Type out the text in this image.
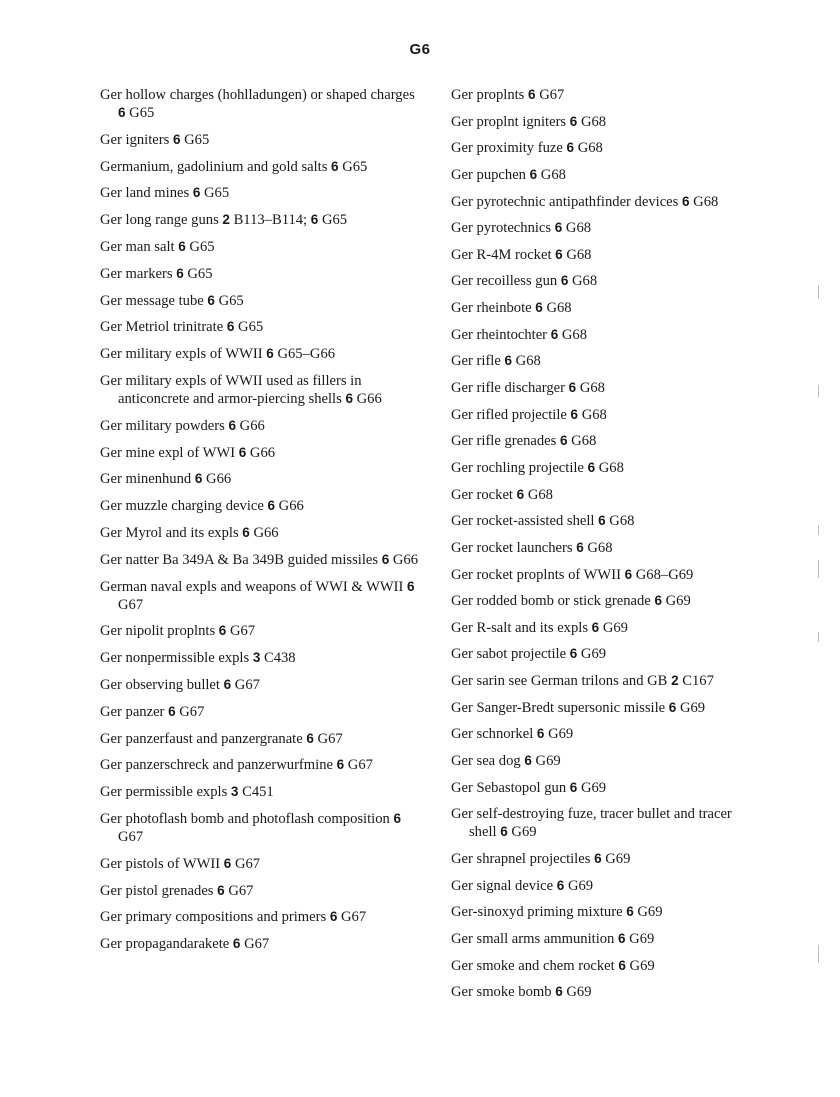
G6
Ger hollow charges (hohlladungen) or shaped charges 6 G65
Ger igniters 6 G65
Germanium, gadolinium and gold salts 6 G65
Ger land mines 6 G65
Ger long range guns 2 B113–B114; 6 G65
Ger man salt 6 G65
Ger markers 6 G65
Ger message tube 6 G65
Ger Metriol trinitrate 6 G65
Ger military expls of WWII 6 G65–G66
Ger military expls of WWII used as fillers in anticoncrete and armor-piercing shells 6 G66
Ger military powders 6 G66
Ger mine expl of WWI 6 G66
Ger minenhund 6 G66
Ger muzzle charging device 6 G66
Ger Myrol and its expls 6 G66
Ger natter Ba 349A & Ba 349B guided missiles 6 G66
German naval expls and weapons of WWI & WWII 6 G67
Ger nipolit proplnts 6 G67
Ger nonpermissible expls 3 C438
Ger observing bullet 6 G67
Ger panzer 6 G67
Ger panzerfaust and panzergranate 6 G67
Ger panzerschreck and panzerwurfmine 6 G67
Ger permissible expls 3 C451
Ger photoflash bomb and photoflash composition 6 G67
Ger pistols of WWII 6 G67
Ger pistol grenades 6 G67
Ger primary compositions and primers 6 G67
Ger propagandarakete 6 G67
Ger proplnts 6 G67
Ger proplnt igniters 6 G68
Ger proximity fuze 6 G68
Ger pupchen 6 G68
Ger pyrotechnic antipathfinder devices 6 G68
Ger pyrotechnics 6 G68
Ger R-4M rocket 6 G68
Ger recoilless gun 6 G68
Ger rheinbote 6 G68
Ger rheintochter 6 G68
Ger rifle 6 G68
Ger rifle discharger 6 G68
Ger rifled projectile 6 G68
Ger rifle grenades 6 G68
Ger rochling projectile 6 G68
Ger rocket 6 G68
Ger rocket-assisted shell 6 G68
Ger rocket launchers 6 G68
Ger rocket proplnts of WWII 6 G68–G69
Ger rodded bomb or stick grenade 6 G69
Ger R-salt and its expls 6 G69
Ger sabot projectile 6 G69
Ger sarin see German trilons and GB 2 C167
Ger Sanger-Bredt supersonic missile 6 G69
Ger schnorkel 6 G69
Ger sea dog 6 G69
Ger Sebastopol gun 6 G69
Ger self-destroying fuze, tracer bullet and tracer shell 6 G69
Ger shrapnel projectiles 6 G69
Ger signal device 6 G69
Ger-sinoxyd priming mixture 6 G69
Ger small arms ammunition 6 G69
Ger smoke and chem rocket 6 G69
Ger smoke bomb 6 G69
